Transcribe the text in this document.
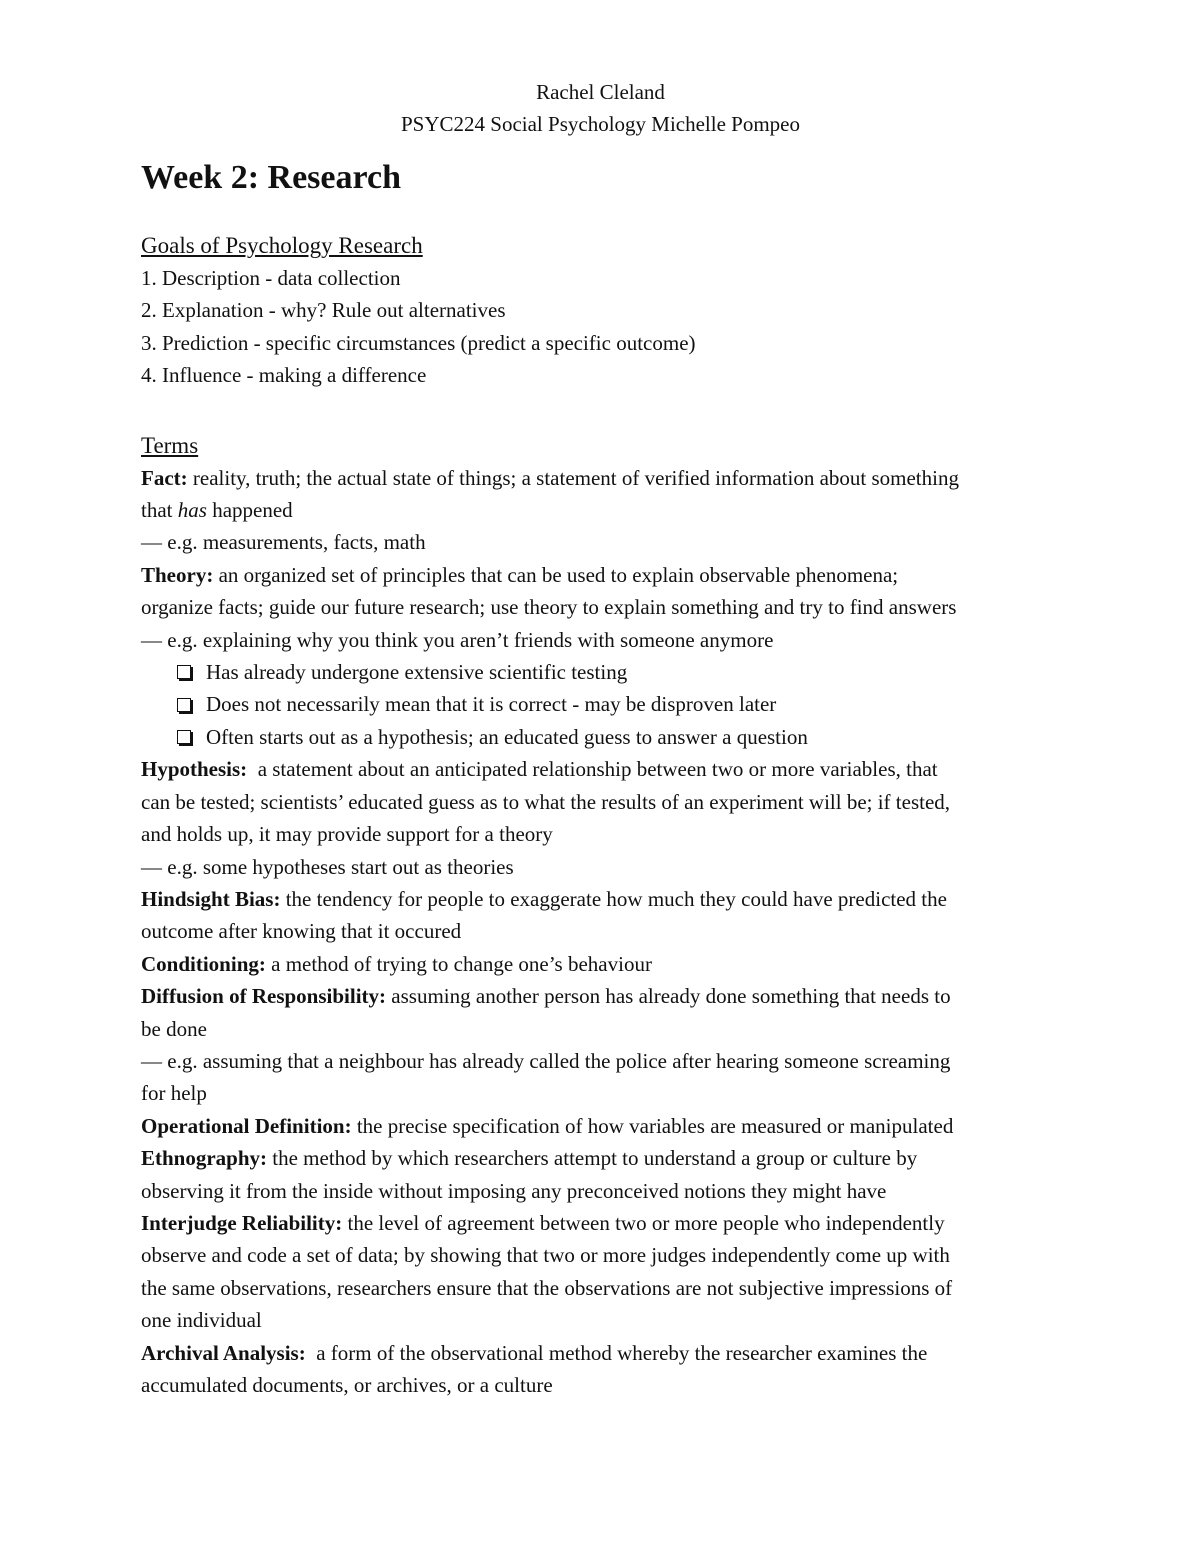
Rachel Cleland
PSYC224 Social Psychology Michelle Pompeo
Week 2: Research
Goals of Psychology Research
1. Description - data collection
2. Explanation - why? Rule out alternatives
3. Prediction - specific circumstances (predict a specific outcome)
4. Influence - making a difference
Terms
Fact: reality, truth; the actual state of things; a statement of verified information about something
that has happened
— e.g. measurements, facts, math
Theory: an organized set of principles that can be used to explain observable phenomena;
organize facts; guide our future research; use theory to explain something and try to find answers
— e.g. explaining why you think you aren’t friends with someone anymore
Has already undergone extensive scientific testing
Does not necessarily mean that it is correct - may be disproven later
Often starts out as a hypothesis; an educated guess to answer a question
Hypothesis:  a statement about an anticipated relationship between two or more variables, that
can be tested; scientists’ educated guess as to what the results of an experiment will be; if tested,
and holds up, it may provide support for a theory
— e.g. some hypotheses start out as theories
Hindsight Bias: the tendency for people to exaggerate how much they could have predicted the
outcome after knowing that it occured
Conditioning: a method of trying to change one’s behaviour
Diffusion of Responsibility: assuming another person has already done something that needs to
be done
— e.g. assuming that a neighbour has already called the police after hearing someone screaming
for help
Operational Definition: the precise specification of how variables are measured or manipulated
Ethnography: the method by which researchers attempt to understand a group or culture by
observing it from the inside without imposing any preconceived notions they might have
Interjudge Reliability: the level of agreement between two or more people who independently
observe and code a set of data; by showing that two or more judges independently come up with
the same observations, researchers ensure that the observations are not subjective impressions of
one individual
Archival Analysis:  a form of the observational method whereby the researcher examines the
accumulated documents, or archives, or a culture
